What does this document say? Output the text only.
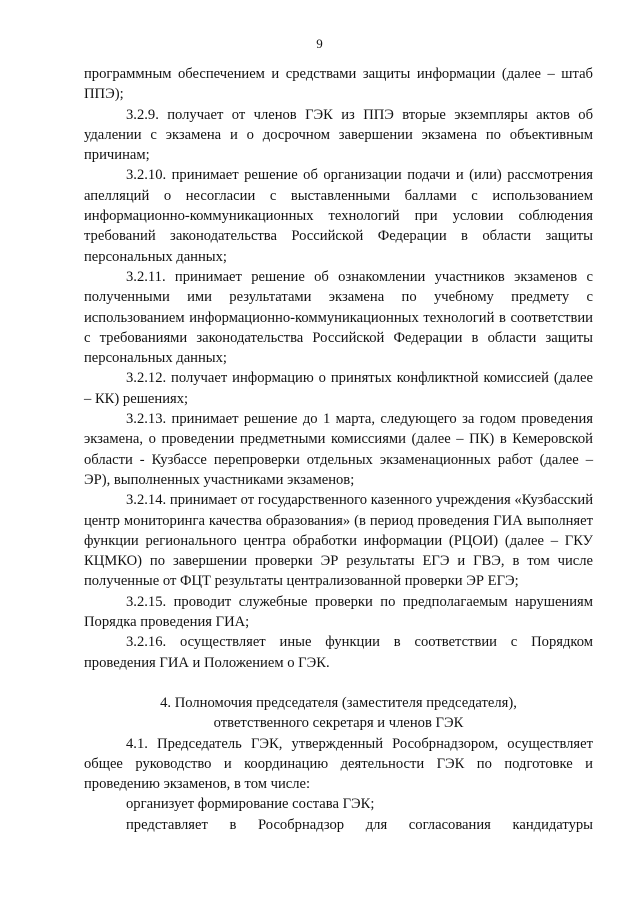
9

программным обеспечением и средствами защиты информации (далее – штаб ППЭ);

3.2.9. получает от членов ГЭК из ППЭ вторые экземпляры актов об удалении с экзамена и о досрочном завершении экзамена по объективным причинам;

3.2.10. принимает решение об организации подачи и (или) рассмотрения апелляций о несогласии с выставленными баллами с использованием информационно-коммуникационных технологий при условии соблюдения требований законодательства Российской Федерации в области защиты персональных данных;

3.2.11. принимает решение об ознакомлении участников экзаменов с полученными ими результатами экзамена по учебному предмету с использованием информационно-коммуникационных технологий в соответствии с требованиями законодательства Российской Федерации в области защиты персональных данных;

3.2.12. получает информацию о принятых конфликтной комиссией (далее – КК) решениях;

3.2.13. принимает решение до 1 марта, следующего за годом проведения экзамена, о проведении предметными комиссиями (далее – ПК) в Кемеровской области - Кузбассе перепроверки отдельных экзаменационных работ (далее – ЭР), выполненных участниками экзаменов;

3.2.14. принимает от государственного казенного учреждения «Кузбасский центр мониторинга качества образования» (в период проведения ГИА выполняет функции регионального центра обработки информации (РЦОИ) (далее – ГКУ КЦМКО) по завершении проверки ЭР результаты ЕГЭ и ГВЭ, в том числе полученные от ФЦТ результаты централизованной проверки ЭР ЕГЭ;

3.2.15. проводит служебные проверки по предполагаемым нарушениям Порядка проведения ГИА;

3.2.16. осуществляет иные функции в соответствии с Порядком проведения ГИА и Положением о ГЭК.

4. Полномочия председателя (заместителя председателя),
ответственного секретаря и членов ГЭК

4.1. Председатель ГЭК, утвержденный Рособрнадзором, осуществляет общее руководство и координацию деятельности ГЭК по подготовке и проведению экзаменов, в том числе:

организует формирование состава ГЭК;

представляет в Рособрнадзор для согласования кандидатуры
